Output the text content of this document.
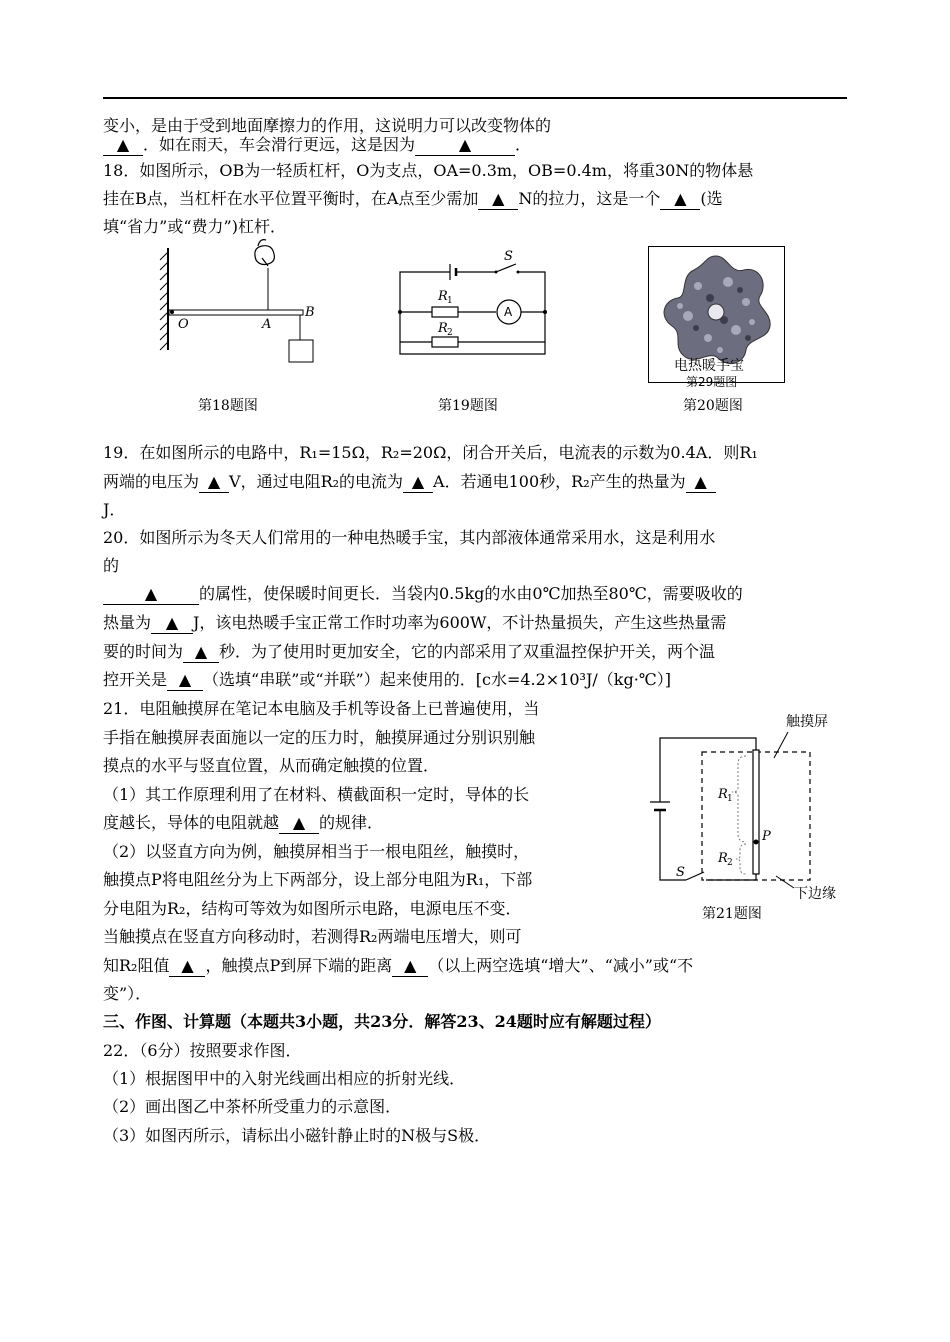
变小，是由于受到地面摩擦力的作用，这说明力可以改变物体的
▲ ．如在雨天，车会滑行更远，这是因为	▲	．
18．如图所示，OB为一轻质杠杆，O为支点，OA=0.3m，OB=0.4m，将重30N的物体悬
挂在B点，当杠杆在水平位置平衡时，在A点至少需加 ▲ N的拉力，这是一个 ▲ (选
填“省力”或“费力”)杠杆．
O	A
B
第18题图
S
R 1
R 2
A
第19题图
电热暖手宝
第29题图
第20题图
19．在如图所示的电路中，R₁=15Ω，R₂=20Ω，闭合开关后，电流表的示数为0.4A．则R₁
两端的电压为 ▲ V，通过电阻R₂的电流为 ▲ A．若通电100秒，R₂产生的热量为 ▲
J．
20．如图所示为冬天人们常用的一种电热暖手宝，其内部液体通常采用水，这是利用水
的
▲	的属性，使保暖时间更长．当袋内0.5kg的水由0℃加热至80℃，需要吸收的
热量为 ▲ J，该电热暖手宝正常工作时功率为600W，不计热量损失，产生这些热量需
要的时间为 ▲ 秒．为了使用时更加安全，它的内部采用了双重温控保护开关，两个温
控开关是 ▲ （选填“串联”或“并联”）起来使用的．[c水=4.2×10³J/（kg·℃）]
21．电阻触摸屏在笔记本电脑及手机等设备上已普遍使用，当
手指在触摸屏表面施以一定的压力时，触摸屏通过分别识别触
摸点的水平与竖直位置，从而确定触摸的位置．
（1）其工作原理利用了在材料、横截面积一定时，导体的长
度越长，导体的电阻就越 ▲ 的规律．
（2）以竖直方向为例，触摸屏相当于一根电阻丝，触摸时，
触摸点P将电阻丝分为上下两部分，设上部分电阻为R₁，下部
分电阻为R₂，结构可等效为如图所示电路，电源电压不变．
当触摸点在竖直方向移动时，若测得R₂两端电压增大，则可
触摸屏
R 1
R 2
P
S
下边缘
第21题图
知R₂阻值 ▲ ，触摸点P到屏下端的距离 ▲ （以上两空选填“增大”、“减小”或“不
变”）．
三、作图、计算题（本题共3小题，共23分．解答23、24题时应有解题过程）
22．（6分）按照要求作图．
（1）根据图甲中的入射光线画出相应的折射光线．
（2）画出图乙中茶杯所受重力的示意图．
（3）如图丙所示，请标出小磁针静止时的N极与S极．
